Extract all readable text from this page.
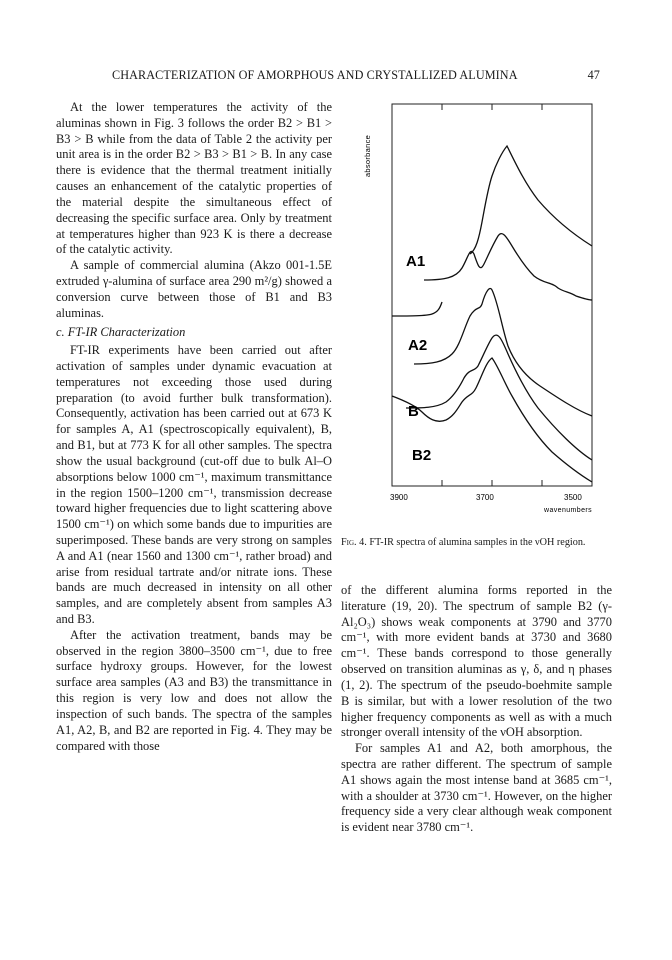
CHARACTERIZATION OF AMORPHOUS AND CRYSTALLIZED ALUMINA	47

At the lower temperatures the activity of the aluminas shown in Fig. 3 follows the order B2 > B1 > B3 > B while from the data of Table 2 the activity per unit area is in the order B2 > B3 > B1 > B. In any case there is evidence that the thermal treatment initially causes an enhancement of the catalytic properties of the material despite the simultaneous effect of decreasing the specific surface area. Only by treatment at temperatures higher than 923 K is there a decrease of the catalytic activity.

A sample of commercial alumina (Akzo 001-1.5E extruded γ-alumina of surface area 290 m²/g) showed a conversion curve between those of B1 and B3 aluminas.

c. FT-IR Characterization

FT-IR experiments have been carried out after activation of samples under dynamic evacuation at temperatures not exceeding those used during preparation (to avoid further bulk transformation). Consequently, activation has been carried out at 673 K for samples A, A1 (spectroscopically equivalent), B, and B1, but at 773 K for all other samples. The spectra show the usual background (cut-off due to bulk Al–O absorptions below 1000 cm⁻¹, maximum transmittance in the region 1500–1200 cm⁻¹, transmission decrease toward higher frequencies due to light scattering above 1500 cm⁻¹) on which some bands due to impurities are superimposed. These bands are very strong on samples A and A1 (near 1560 and 1300 cm⁻¹, rather broad) and arise from residual tartrate and/or nitrate ions. These bands are much decreased in intensity on all other samples, and are completely absent from samples A3 and B3.

After the activation treatment, bands may be observed in the region 3800–3500 cm⁻¹, due to free surface hydroxy groups. However, for the lowest surface area samples (A3 and B3) the transmittance in this region is very low and does not allow the inspection of such bands. The spectra of the samples A1, A2, B, and B2 are reported in Fig. 4. They may be compared with those

absorbance
A1
A2
B
B2
3900	3700	3500
wavenumbers
Fig. 4. FT-IR spectra of alumina samples in the νOH region.

of the different alumina forms reported in the literature (19, 20). The spectrum of sample B2 (γ-Al₂O₃) shows weak components at 3790 and 3770 cm⁻¹, with more evident bands at 3730 and 3680 cm⁻¹. These bands correspond to those generally observed on transition aluminas as γ, δ, and η phases (1, 2). The spectrum of the pseudo-boehmite sample B is similar, but with a lower resolution of the two higher frequency components as well as with a much stronger overall intensity of the νOH absorption.

For samples A1 and A2, both amorphous, the spectra are rather different. The spectrum of sample A1 shows again the most intense band at 3685 cm⁻¹, with a shoulder at 3730 cm⁻¹. However, on the higher frequency side a very clear although weak component is evident near 3780 cm⁻¹.
